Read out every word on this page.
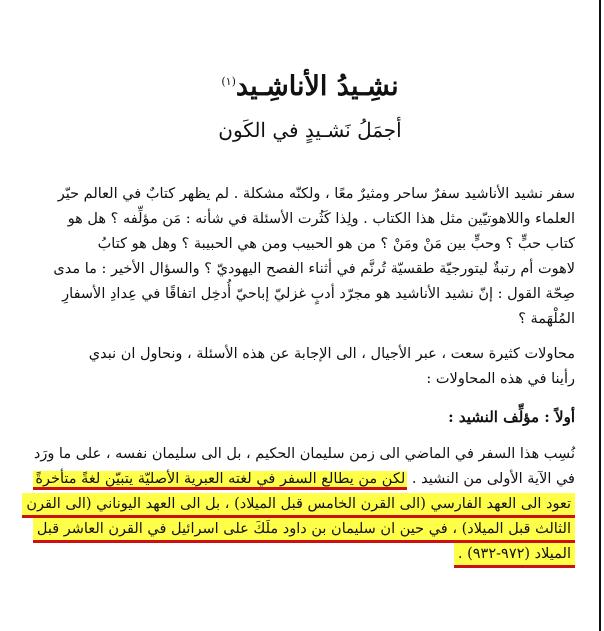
نشِـيدُ الأناشِـيد$^{(١)}$
أجمَلُ نَشـيدٍ في الكَون
سفر نشيد الأناشيد سفرٌ ساحر ومثيرٌ معًا ، ولكنّه مشكلة . لم يظهر كتابٌ في العالم حيّر
العلماء واللاهوتيّين مثل هذا الكتاب . ولِذا كَثُرت الأسئلة في شأنه : مَن مؤلِّفه ؟ هل هو
كتاب حبٍّ ؟ وحبٍّ بين مَنْ ومَنْ ؟ من هو الحبيب ومن هي الحبيبة ؟ وهل هو كتابُ
لاهوت أم رتبةٌ ليتورجيّة طقسيّة تُرنَّم في أثناء الفصح اليهوديّ ؟ والسؤال الأخير : ما مدى
صِحّة القول : إنّ نشيد الأناشيد هو مجرّد أدبٍ غزليّ إباحيّ أُدخِل اتفاقًا في عِدادِ الأسفارِ
المُلْهَمة ؟
محاولات كثيرة سعت ، عبر الأجيال ، الى الإجابة عن هذه الأسئلة ، ونحاول ان نبدي
رأينا في هذه المحاولات :
أولاً : مؤلِّف النشيد :
نُسِب هذا السفر في الماضي الى زمن سليمان الحكيم ، بل الى سليمان نفسه ، على ما ورَد
في الآية الأولى من النشيد . لكن من يطالع السفر في لغته العبرية الأصليّة يتبيّن لغةً متأخرةً
تعود الى العهد الفارسي (الى القرن الخامس قبل الميلاد) ، بل الى العهد اليوناني (الى القرن
الثالث قبل الميلاد) ، في حين ان سليمان بن داود ملَكَ على اسرائيل في القرن العاشر قبل
الميلاد (٩٧٢-٩٣٢) .
